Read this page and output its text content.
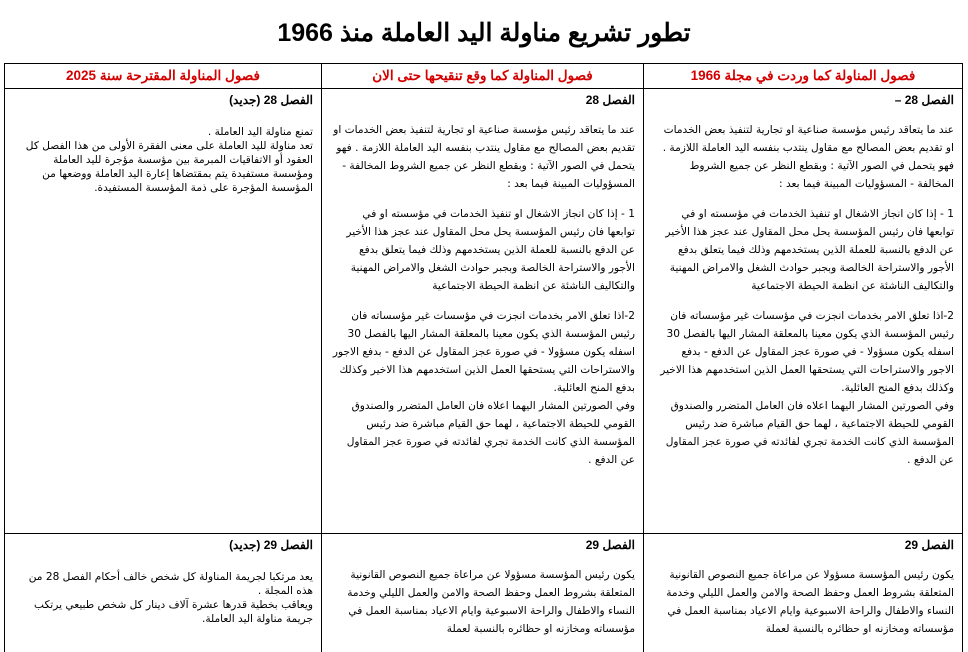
تطور تشريع مناولة اليد العاملة منذ 1966
فصول المناولة كما وردت في مجلة 1966
الفصل 28 –

عند ما يتعاقد رئيس مؤسسة صناعية او تجارية لتنفيذ بعض الخدمات او تقديم بعض المصالح مع مقاول ينتدب بنفسه اليد العاملة اللازمة . فهو يتحمل في الصور الآتية : وبقطع النظر عن جميع الشروط المخالفة - المسؤوليات المبينة فيما بعد :

1 - إذا كان انجاز الاشغال او تنفيذ الخدمات في مؤسسته او في توابعها فان رئيس المؤسسة يحل محل المقاول عند عجز هذا الأخير عن الدفع بالنسبة للعملة الذين يستخدمهم وذلك فيما يتعلق بدفع الأجور والاستراحة الخالصة وبجبر حوادث الشغل والامراض المهنية والتكاليف الناشئة عن انظمة الحيطة الاجتماعية

2-اذا تعلق الامر بخدمات انجزت في مؤسسات غير مؤسساته فان رئيس المؤسسة الذي يكون معينا بالمعلقة المشار اليها بالفصل 30 اسفله يكون مسؤولا - في صورة عجز المقاول عن الدفع - بدفع الاجور والاستراحات التي يستحقها العمل الذين استخدمهم هذا الاخير وكذلك بدفع المنح العائلية.

وفي الصورتين المشار اليهما اعلاه فان العامل المتضرر والصندوق القومي للحيطة الاجتماعية ، لهما حق القيام مباشرة ضد رئيس المؤسسة الذي كانت الخدمة تجري لفائدته في صورة عجز المقاول عن الدفع .

الفصل 29

يكون رئيس المؤسسة مسؤولا عن مراعاة جميع النصوص القانونية المتعلقة بشروط العمل وحفظ الصحة والامن والعمل الليلي وخدمة النساء والاطفال والراحة الاسبوعية وايام الاعياد بمناسبة العمل في مؤسساته ومخازنه او حظائره بالنسبة لعملة

فصول المناولة كما وقع تنقيحها حتى الان
الفصل 28

عند ما يتعاقد رئيس مؤسسة صناعية او تجارية لتنفيذ بعض الخدمات او تقديم بعض المصالح مع مقاول ينتدب بنفسه اليد العاملة اللازمة . فهو يتحمل في الصور الآتية : وبقطع النظر عن جميع الشروط المخالفة - المسؤوليات المبينة فيما بعد :

1 - إذا كان انجاز الاشغال او تنفيذ الخدمات في مؤسسته او في توابعها فان رئيس المؤسسة يحل محل المقاول عند عجز هذا الأخير عن الدفع بالنسبة للعملة الذين يستخدمهم وذلك فيما يتعلق بدفع الأجور والاستراحة الخالصة وبجبر حوادث الشغل والامراض المهنية والتكاليف الناشئة عن انظمة الحيطة الاجتماعية

2-اذا تعلق الامر بخدمات انجزت في مؤسسات غير مؤسساته فان رئيس المؤسسة الذي يكون معينا بالمعلقة المشار اليها بالفصل 30 اسفله يكون مسؤولا - في صورة عجز المقاول عن الدفع - بدفع الاجور والاستراحات التي يستحقها العمل الذين استخدمهم هذا الاخير وكذلك بدفع المنح العائلية.

وفي الصورتين المشار اليهما اعلاه فان العامل المتضرر والصندوق القومي للحيطة الاجتماعية ، لهما حق القيام مباشرة ضد رئيس المؤسسة الذي كانت الخدمة تجري لفائدته في صورة عجز المقاول عن الدفع .

الفصل 29

يكون رئيس المؤسسة مسؤولا عن مراعاة جميع النصوص القانونية المتعلقة بشروط العمل وحفظ الصحة والامن والعمل الليلي وخدمة النساء والاطفال والراحة الاسبوعية وايام الاعياد بمناسبة العمل في مؤسساته ومخازنه او حظائره بالنسبة لعملة

فصول المناولة المقترحة سنة 2025
الفصل 28 (جديد)

تمنع مناولة اليد العاملة .

تعد مناولة لليد العاملة على معنى الفقرة الأولى من هذا الفصل كل العقود أو الاتفاقيات المبرمة بين مؤسسة مؤجرة لليد العاملة ومؤسسة مستفيدة يتم بمقتضاها إعارة اليد العاملة ووضعها من المؤسسة المؤجرة على ذمة المؤسسة المستفيدة.

الفصل 29 (جديد)

يعد مرتكبا لجريمة المناولة كل شخص خالف أحكام الفصل 28 من هذه المجلة .

ويعاقب بخطية قدرها عشرة آلاف دينار كل شخص طبيعي يرتكب جريمة مناولة اليد العاملة.
